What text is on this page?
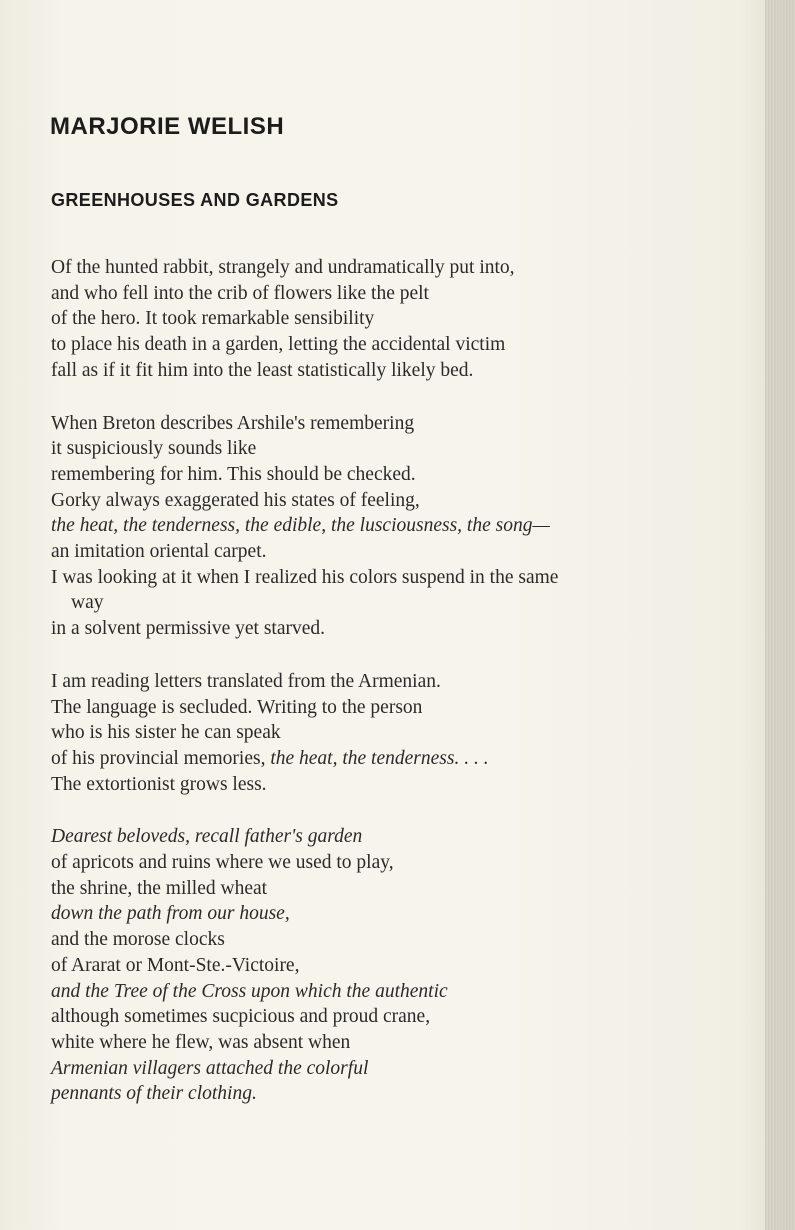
MARJORIE WELISH
GREENHOUSES AND GARDENS
Of the hunted rabbit, strangely and undramatically put into,
and who fell into the crib of flowers like the pelt
of the hero. It took remarkable sensibility
to place his death in a garden, letting the accidental victim
fall as if it fit him into the least statistically likely bed.
When Breton describes Arshile's remembering
it suspiciously sounds like
remembering for him. This should be checked.
Gorky always exaggerated his states of feeling,
the heat, the tenderness, the edible, the lusciousness, the song—
an imitation oriental carpet.
I was looking at it when I realized his colors suspend in the same
way
in a solvent permissive yet starved.
I am reading letters translated from the Armenian.
The language is secluded. Writing to the person
who is his sister he can speak
of his provincial memories, the heat, the tenderness. . . .
The extortionist grows less.
Dearest beloveds, recall father's garden
of apricots and ruins where we used to play,
the shrine, the milled wheat
down the path from our house,
and the morose clocks
of Ararat or Mont-Ste.-Victoire,
and the Tree of the Cross upon which the authentic
although sometimes sucpicious and proud crane,
white where he flew, was absent when
Armenian villagers attached the colorful
pennants of their clothing.
